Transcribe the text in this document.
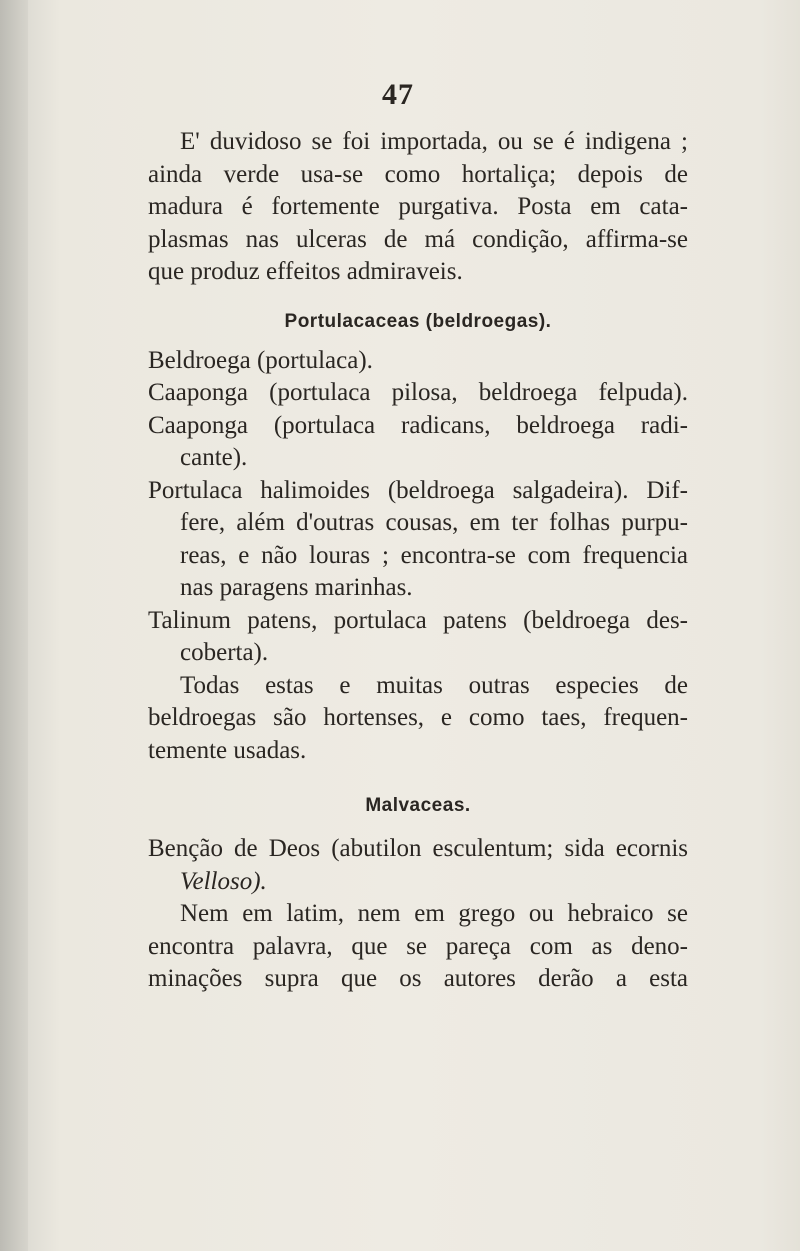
47
E' duvidoso se foi importada, ou se é indigena ;
ainda verde usa-se como hortaliça; depois de
madura é fortemente purgativa. Posta em cata-
plasmas nas ulceras de má condição, affirma-se
que produz effeitos admiraveis.
Portulacaceas (beldroegas).
Beldroega (portulaca).
Caaponga (portulaca pilosa, beldroega felpuda).
Caaponga (portulaca radicans, beldroega radi-
cante).
Portulaca halimoides (beldroega salgadeira). Dif-
fere, além d'outras cousas, em ter folhas purpu-
reas, e não louras ; encontra-se com frequencia
nas paragens marinhas.
Talinum patens, portulaca patens (beldroega des-
coberta).
Todas estas e muitas outras especies de
beldroegas são hortenses, e como taes, frequen-
temente usadas.
Malvaceas.
Benção de Deos (abutilon esculentum; sida ecornis
Velloso).
Nem em latim, nem em grego ou hebraico se
encontra palavra, que se pareça com as deno-
minações supra que os autores derão a esta
